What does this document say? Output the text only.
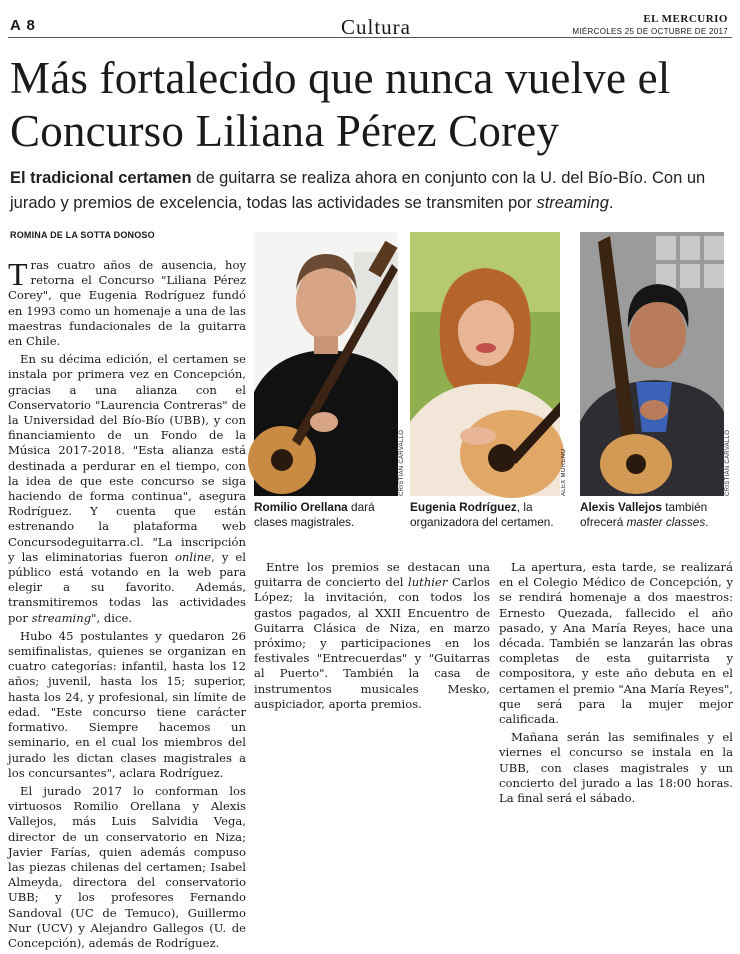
A 8	Cultura	EL MERCURIO
MIÉRCOLES 25 DE OCTUBRE DE 2017
Más fortalecido que nunca vuelve el Concurso Liliana Pérez Corey
El tradicional certamen de guitarra se realiza ahora en conjunto con la U. del Bío-Bío. Con un jurado y premios de excelencia, todas las actividades se transmiten por streaming.
ROMINA DE LA SOTTA DONOSO

Tras cuatro años de ausencia, hoy retorna el Concurso "Liliana Pérez Corey", que Eugenia Rodríguez fundó en 1993 como un homenaje a una de las maestras fundacionales de la guitarra en Chile.

En su décima edición, el certamen se instala por primera vez en Concepción, gracias a una alianza con el Conservatorio "Laurencia Contreras" de la Universidad del Bío-Bío (UBB), y con financiamiento de un Fondo de la Música 2017-2018. "Esta alianza está destinada a perdurar en el tiempo, con la idea de que este concurso se siga haciendo de forma continua", asegura Rodríguez. Y cuenta que están estrenando la plataforma web Concursodeguitarra.cl. "La inscripción y las eliminatorias fueron online, y el público está votando en la web para elegir a su favorito. Además, transmitiremos todas las actividades por streaming", dice.

Hubo 45 postulantes y quedaron 26 semifinalistas, quienes se organizan en cuatro categorías: infantil, hasta los 12 años; juvenil, hasta los 15; superior, hasta los 24, y profesional, sin límite de edad. "Este concurso tiene carácter formativo. Siempre hacemos un seminario, en el cual los miembros del jurado les dictan clases magistrales a los concursantes", aclara Rodríguez.

El jurado 2017 lo conforman los virtuosos Romilio Orellana y Alexis Vallejos, más Luis Salvidia Vega, director de un conservatorio en Niza; Javier Farías, quien además compuso las piezas chilenas del certamen; Isabel Almeyda, directora del conservatorio UBB; y los profesores Fernando Sandoval (UC de Temuco), Guillermo Nur (UCV) y Alejandro Gallegos (U. de Concepción), además de Rodríguez.

CRISTIÁN CARVALLO
Romilio Orellana dará clases magistrales.
ALEX MORENO
Eugenia Rodríguez, la organizadora del certamen.
CRISTIÁN CARVALLO
Alexis Vallejos también ofrecerá master classes.

Entre los premios se destacan una guitarra de concierto del luthier Carlos López; la invitación, con todos los gastos pagados, al XXII Encuentro de Guitarra Clásica de Niza, en marzo próximo; y participaciones en los festivales "Entrecuerdas" y "Guitarras al Puerto". También la casa de instrumentos musicales Mesko, auspiciador, aporta premios.

La apertura, esta tarde, se realizará en el Colegio Médico de Concepción, y se rendirá homenaje a dos maestros: Ernesto Quezada, fallecido el año pasado, y Ana María Reyes, hace una década. También se lanzarán las obras completas de esta guitarrista y compositora, y este año debuta en el certamen el premio "Ana María Reyes", que será para la mujer mejor calificada.

Mañana serán las semifinales y el viernes el concurso se instala en la UBB, con clases magistrales y un concierto del jurado a las 18:00 horas. La final será el sábado.
